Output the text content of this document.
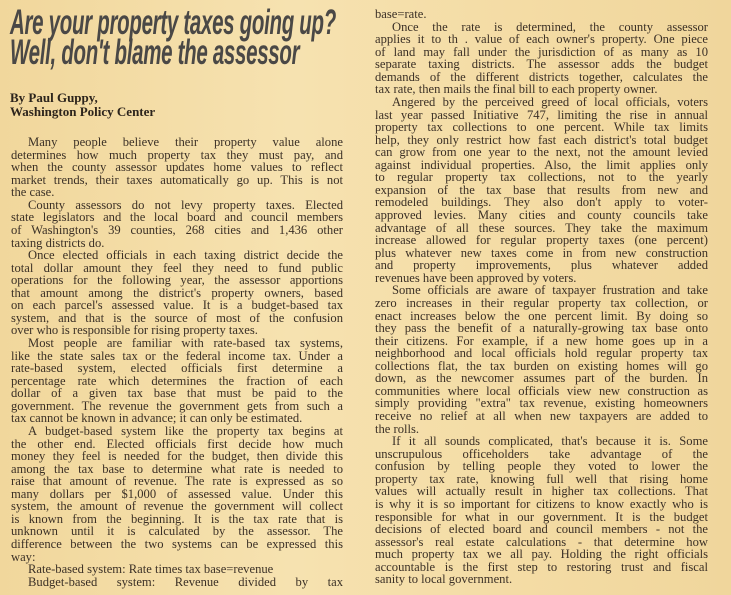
Are your property taxes going up?
Well, don't blame the assessor
By Paul Guppy,
Washington Policy Center
Many people believe their property value alone
determines how much property tax they must pay, and
when the county assessor updates home values to reflect
market trends, their taxes automatically go up. This is not
the case.
County assessors do not levy property taxes. Elected
state legislators and the local board and council members
of Washington's 39 counties, 268 cities and 1,436 other
taxing districts do.
Once elected officials in each taxing district decide the
total dollar amount they feel they need to fund public
operations for the following year, the assessor apportions
that amount among the district's property owners, based
on each parcel's assessed value. It is a budget-based tax
system, and that is the source of most of the confusion
over who is responsible for rising property taxes.
Most people are familiar with rate-based tax systems,
like the state sales tax or the federal income tax. Under a
rate-based system, elected officials first determine a
percentage rate which determines the fraction of each
dollar of a given tax base that must be paid to the
government. The revenue the government gets from such a
tax cannot be known in advance; it can only be estimated.
A budget-based system like the property tax begins at
the other end. Elected officials first decide how much
money they feel is needed for the budget, then divide this
among the tax base to determine what rate is needed to
raise that amount of revenue. The rate is expressed as so
many dollars per $1,000 of assessed value. Under this
system, the amount of revenue the government will collect
is known from the beginning. It is the tax rate that is
unknown until it is calculated by the assessor. The
difference between the two systems can be expressed this
way:
Rate-based system: Rate times tax base=revenue
Budget-based system: Revenue divided by tax
base=rate.
Once the rate is determined, the county assessor
applies it to th . value of each owner's property. One piece
of land may fall under the jurisdiction of as many as 10
separate taxing districts. The assessor adds the budget
demands of the different districts together, calculates the
tax rate, then mails the final bill to each property owner.
Angered by the perceived greed of local officials, voters
last year passed Initiative 747, limiting the rise in annual
property tax collections to one percent. While tax limits
help, they only restrict how fast each district's total budget
can grow from one year to the next, not the amount levied
against individual properties. Also, the limit applies only
to regular property tax collections, not to the yearly
expansion of the tax base that results from new and
remodeled buildings. They also don't apply to voter-
approved levies. Many cities and county councils take
advantage of all these sources. They take the maximum
increase allowed for regular property taxes (one percent)
plus whatever new taxes come in from new construction
and property improvements, plus whatever added
revenues have been approved by voters.
Some officials are aware of taxpayer frustration and take
zero increases in their regular property tax collection, or
enact increases below the one percent limit. By doing so
they pass the benefit of a naturally-growing tax base onto
their citizens. For example, if a new home goes up in a
neighborhood and local officials hold regular property tax
collections flat, the tax burden on existing homes will go
down, as the newcomer assumes part of the burden. In
communities where local officials view new construction as
simply providing "extra" tax revenue, existing homeowners
receive no relief at all when new taxpayers are added to
the rolls.
If it all sounds complicated, that's because it is. Some
unscrupulous officeholders take advantage of the
confusion by telling people they voted to lower the
property tax rate, knowing full well that rising home
values will actually result in higher tax collections. That
is why it is so important for citizens to know exactly who is
responsible for what in our government. It is the budget
decisions of elected board and council members - not the
assessor's real estate calculations - that determine how
much property tax we all pay. Holding the right officials
accountable is the first step to restoring trust and fiscal
sanity to local government.
